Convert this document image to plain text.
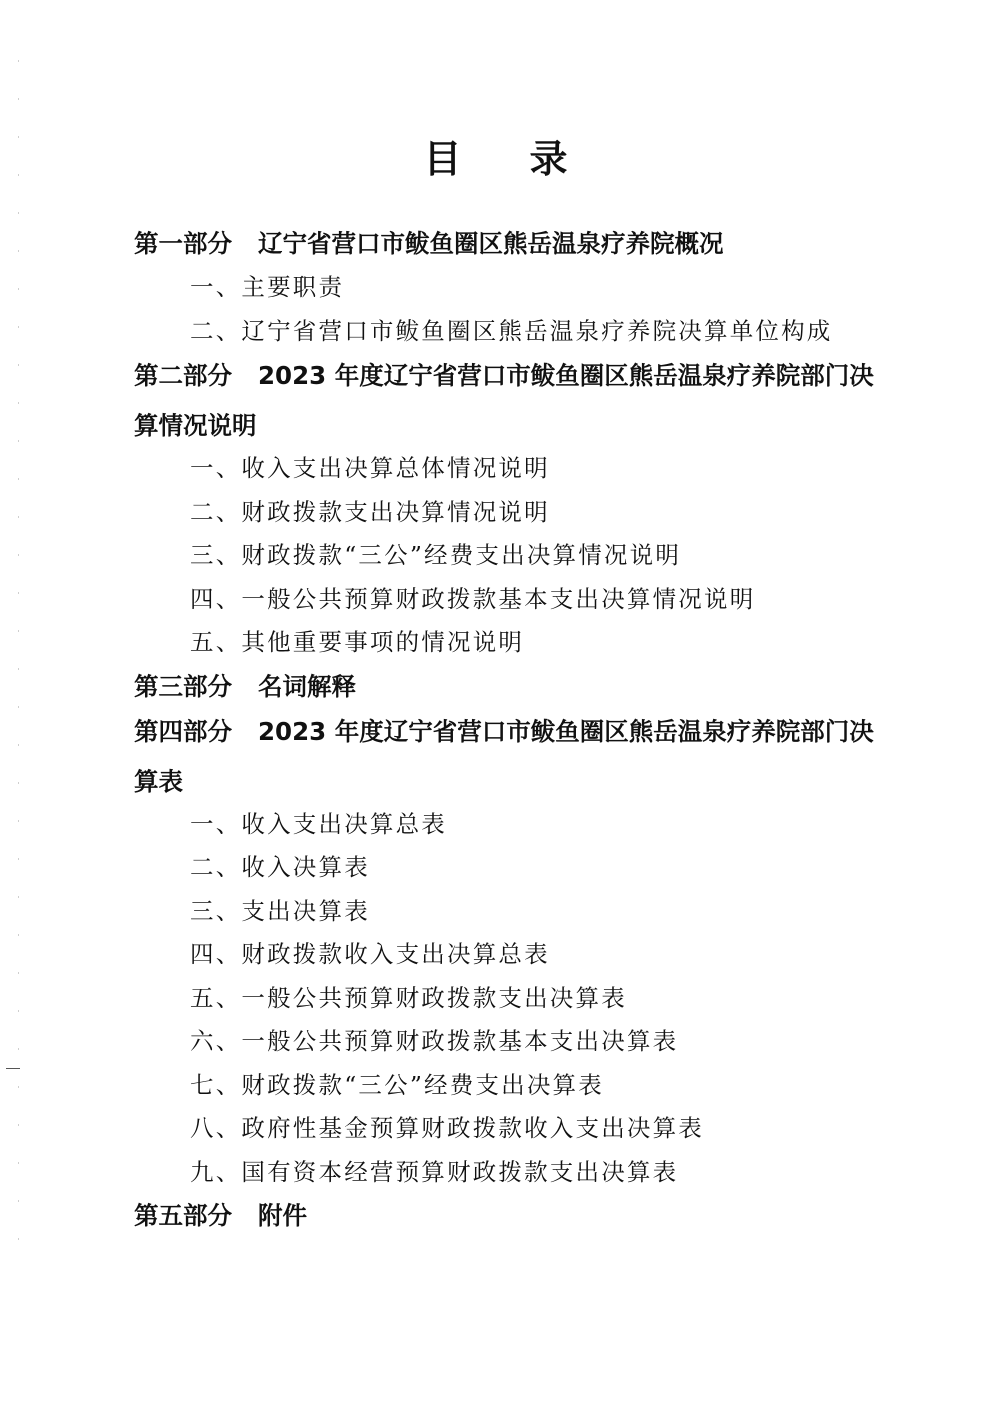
目 录
第一部分 辽宁省营口市鲅鱼圈区熊岳温泉疗养院概况
一、主要职责
二、辽宁省营口市鲅鱼圈区熊岳温泉疗养院决算单位构成
第二部分 2023 年度辽宁省营口市鲅鱼圈区熊岳温泉疗养院部门决算情况说明
一、收入支出决算总体情况说明
二、财政拨款支出决算情况说明
三、财政拨款“三公”经费支出决算情况说明
四、一般公共预算财政拨款基本支出决算情况说明
五、其他重要事项的情况说明
第三部分 名词解释
第四部分 2023 年度辽宁省营口市鲅鱼圈区熊岳温泉疗养院部门决算表
一、收入支出决算总表
二、收入决算表
三、支出决算表
四、财政拨款收入支出决算总表
五、一般公共预算财政拨款支出决算表
六、一般公共预算财政拨款基本支出决算表
七、财政拨款“三公”经费支出决算表
八、政府性基金预算财政拨款收入支出决算表
九、国有资本经营预算财政拨款支出决算表
第五部分 附件
